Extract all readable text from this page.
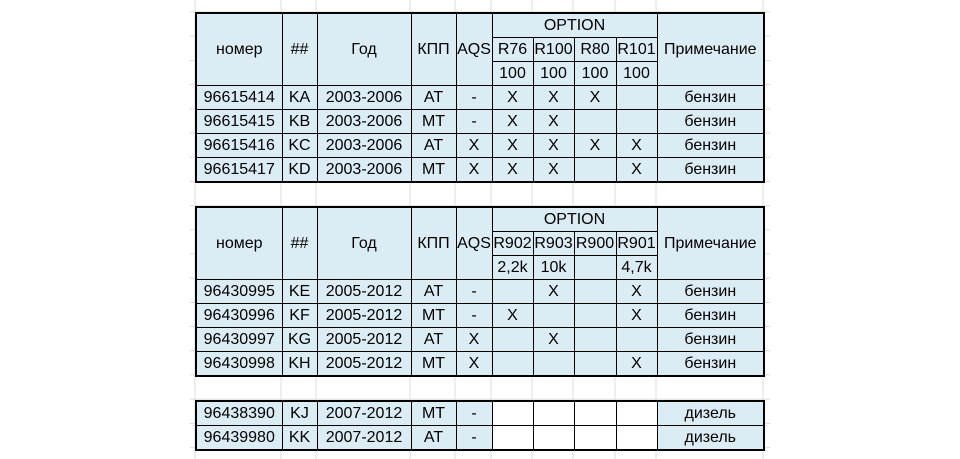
номер	##	Год	КПП	AQS	OPTION				Примечание
					R76	R100	R80	R101	
					100	100	100	100	
96615414	KA	2003-2006	AT	-	X	X	X		бензин
96615415	KB	2003-2006	MT	-	X	X			бензин
96615416	KC	2003-2006	AT	X	X	X	X	X	бензин
96615417	KD	2003-2006	MT	X	X	X		X	бензин
номер	##	Год	КПП	AQS	OPTION				Примечание
					R902	R903	R900	R901	
					2,2k	10k		4,7k	
96430995	KE	2005-2012	AT	-		X		X	бензин
96430996	KF	2005-2012	MT	-	X			X	бензин
96430997	KG	2005-2012	AT	X		X			бензин
96430998	KH	2005-2012	MT	X				X	бензин
96438390	KJ	2007-2012	MT	-					дизель
96439980	KK	2007-2012	AT	-					дизель
